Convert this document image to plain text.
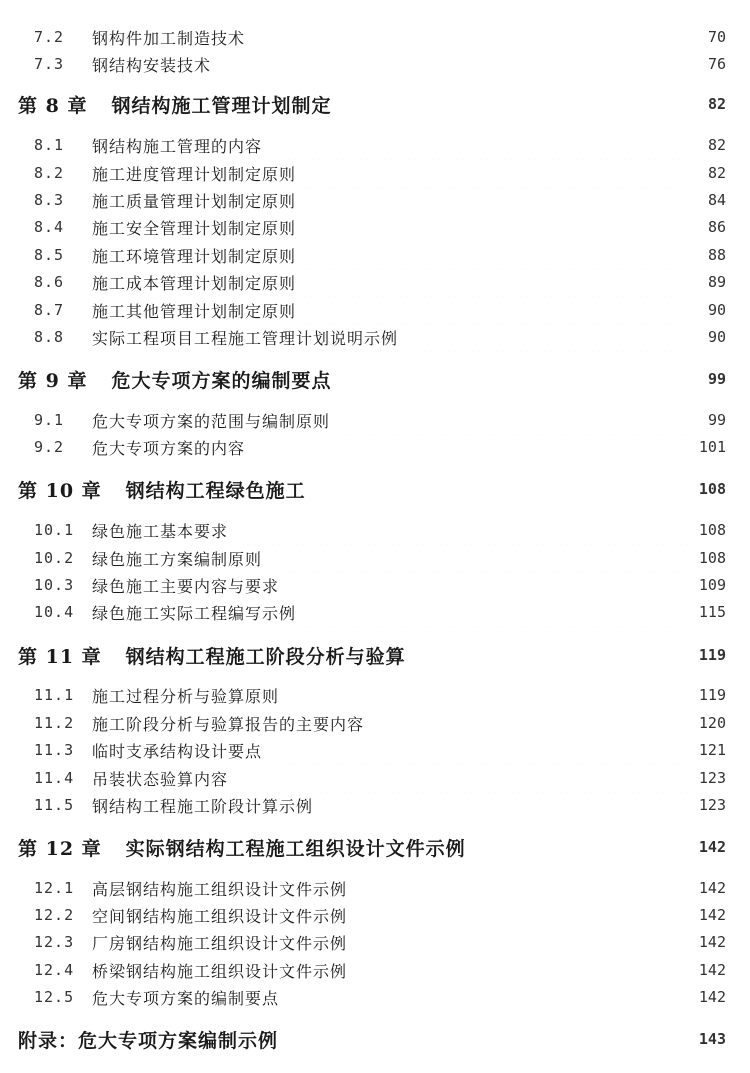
7.2	钢构件加工制造技术	70
7.3	钢结构安装技术	76
第 8 章	钢结构施工管理计划制定	82
8.1	钢结构施工管理的内容	82
8.2	施工进度管理计划制定原则	82
8.3	施工质量管理计划制定原则	84
8.4	施工安全管理计划制定原则	86
8.5	施工环境管理计划制定原则	88
8.6	施工成本管理计划制定原则	89
8.7	施工其他管理计划制定原则	90
8.8	实际工程项目工程施工管理计划说明示例	90
第 9 章	危大专项方案的编制要点	99
9.1	危大专项方案的范围与编制原则	99
9.2	危大专项方案的内容	101
第 10 章	钢结构工程绿色施工	108
10.1	绿色施工基本要求	108
10.2	绿色施工方案编制原则	108
10.3	绿色施工主要内容与要求	109
10.4	绿色施工实际工程编写示例	115
第 11 章	钢结构工程施工阶段分析与验算	119
11.1	施工过程分析与验算原则	119
11.2	施工阶段分析与验算报告的主要内容	120
11.3	临时支承结构设计要点	121
11.4	吊装状态验算内容	123
11.5	钢结构工程施工阶段计算示例	123
第 12 章	实际钢结构工程施工组织设计文件示例	142
12.1	高层钢结构施工组织设计文件示例	142
12.2	空间钢结构施工组织设计文件示例	142
12.3	厂房钢结构施工组织设计文件示例	142
12.4	桥梁钢结构施工组织设计文件示例	142
12.5	危大专项方案的编制要点	142
附录：危大专项方案编制示例	143
